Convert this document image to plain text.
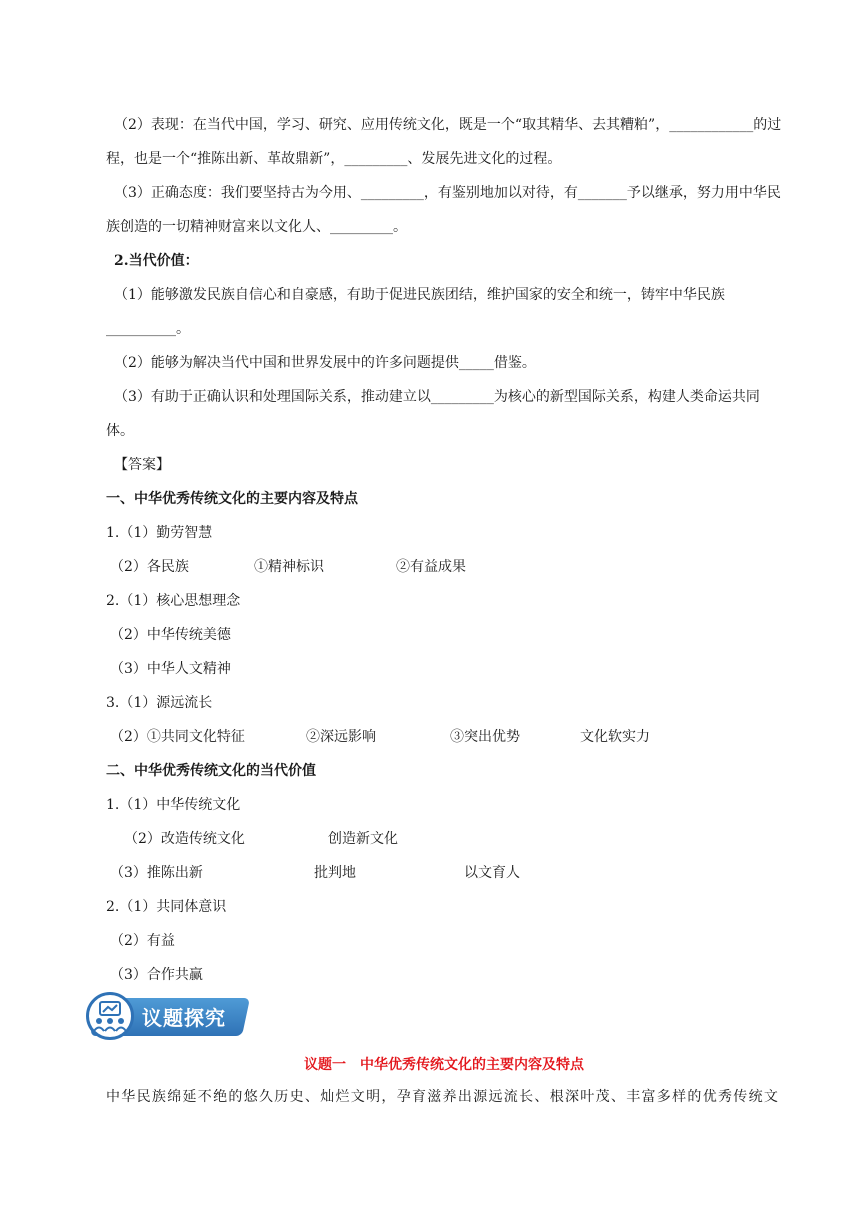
（2）表现：在当代中国，学习、研究、应用传统文化，既是一个“取其精华、去其糟粕”，____________的过程，也是一个“推陈出新、革故鼎新”，_________、发展先进文化的过程。
（3）正确态度：我们要坚持古为今用、_________，有鉴别地加以对待，有_______予以继承，努力用中华民族创造的一切精神财富来以文化人、_________。
2.当代价值：
（1）能够激发民族自信心和自豪感，有助于促进民族团结，维护国家的安全和统一，铸牢中华民族__________。
（2）能够为解决当代中国和世界发展中的许多问题提供_____借鉴。
（3）有助于正确认识和处理国际关系，推动建立以_________为核心的新型国际关系，构建人类命运共同体。
【答案】
一、中华优秀传统文化的主要内容及特点
1.（1）勤劳智慧
（2）各民族	①精神标识	②有益成果
2.（1）核心思想理念
（2）中华传统美德
（3）中华人文精神
3.（1）源远流长
（2）①共同文化特征	②深远影响	③突出优势	文化软实力
二、中华优秀传统文化的当代价值
1.（1）中华传统文化
（2）改造传统文化	创造新文化
（3）推陈出新	批判地	以文育人
2.（1）共同体意识
（2）有益
（3）合作共赢
议题探究
议题一　中华优秀传统文化的主要内容及特点
中华民族绵延不绝的悠久历史、灿烂文明，孕育滋养出源远流长、根深叶茂、丰富多样的优秀传统文
